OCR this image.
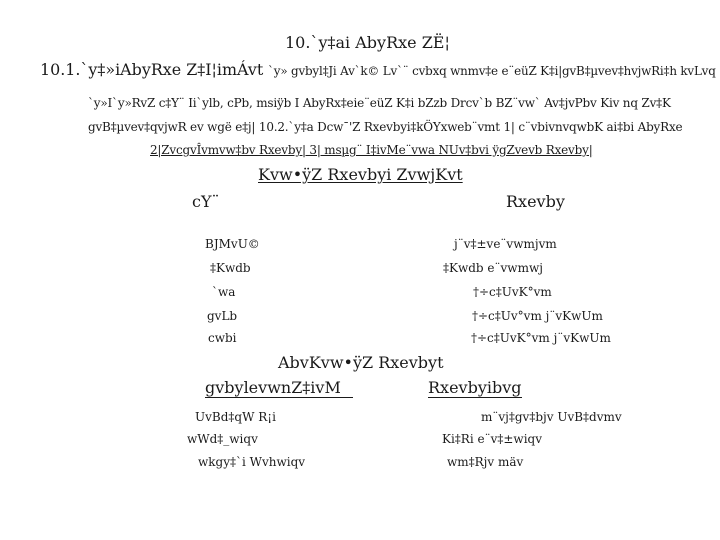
10.`y‡ai AbyRxe ZË¦

10.1.`y‡»iAbyRxe Z‡I¦imÁvt `y» gvbyl‡Ji Av`k© Lv`¨ cvbxq wnmv‡e e¨eüZ K‡i|gvB‡µvev‡hvjwRi‡h kvLvq

`y»I`y»RvZ c‡Y¨ Ii`ylb, cPb, msiÿb I AbyRx‡eie¨eüZ K‡i bZzb Drcv`b BZ¨vw` Av‡jvPbv Kiv nq Zv‡K

gvB‡µvev‡qvjwR ev wgë e‡j| 10.2.`y‡a Dcw¯'Z Rxevbyi‡kÖYxweb¨vmt 1| c¨vbivnvqwbK ai‡bi AbyRxe

2|ZvcgvÎvmvw‡bv Rxevby| 3| msµg¨ I‡ivMe¨vwa NUv‡bvi ÿgZvevb Rxevby|

Kvw•ÿZ Rxevbyi ZvwjKvt

cY¨	Rxevby

BJMvU©	j¨v‡±ve¨vwmjvm

‡Kwdb	‡Kwdb e¨vwmwj

`wa	†÷c‡UvK°vm

gvLb	†÷c‡Uv°vm j¨vKwUm

cwbi	†÷c‡UvK°vm j¨vKwUm

AbvKvw•ÿZ Rxevbyt

gvbylevwnZ‡ivM	Rxevbyibvg

UvBd‡qW R¡i	m¨vj‡gv‡bjv UvB‡dvmv

wWd‡_wiqv	Ki‡Ri e¨v‡±wiqv

wkgy‡`i Wvhwiqv	wm‡Rjv mäv
